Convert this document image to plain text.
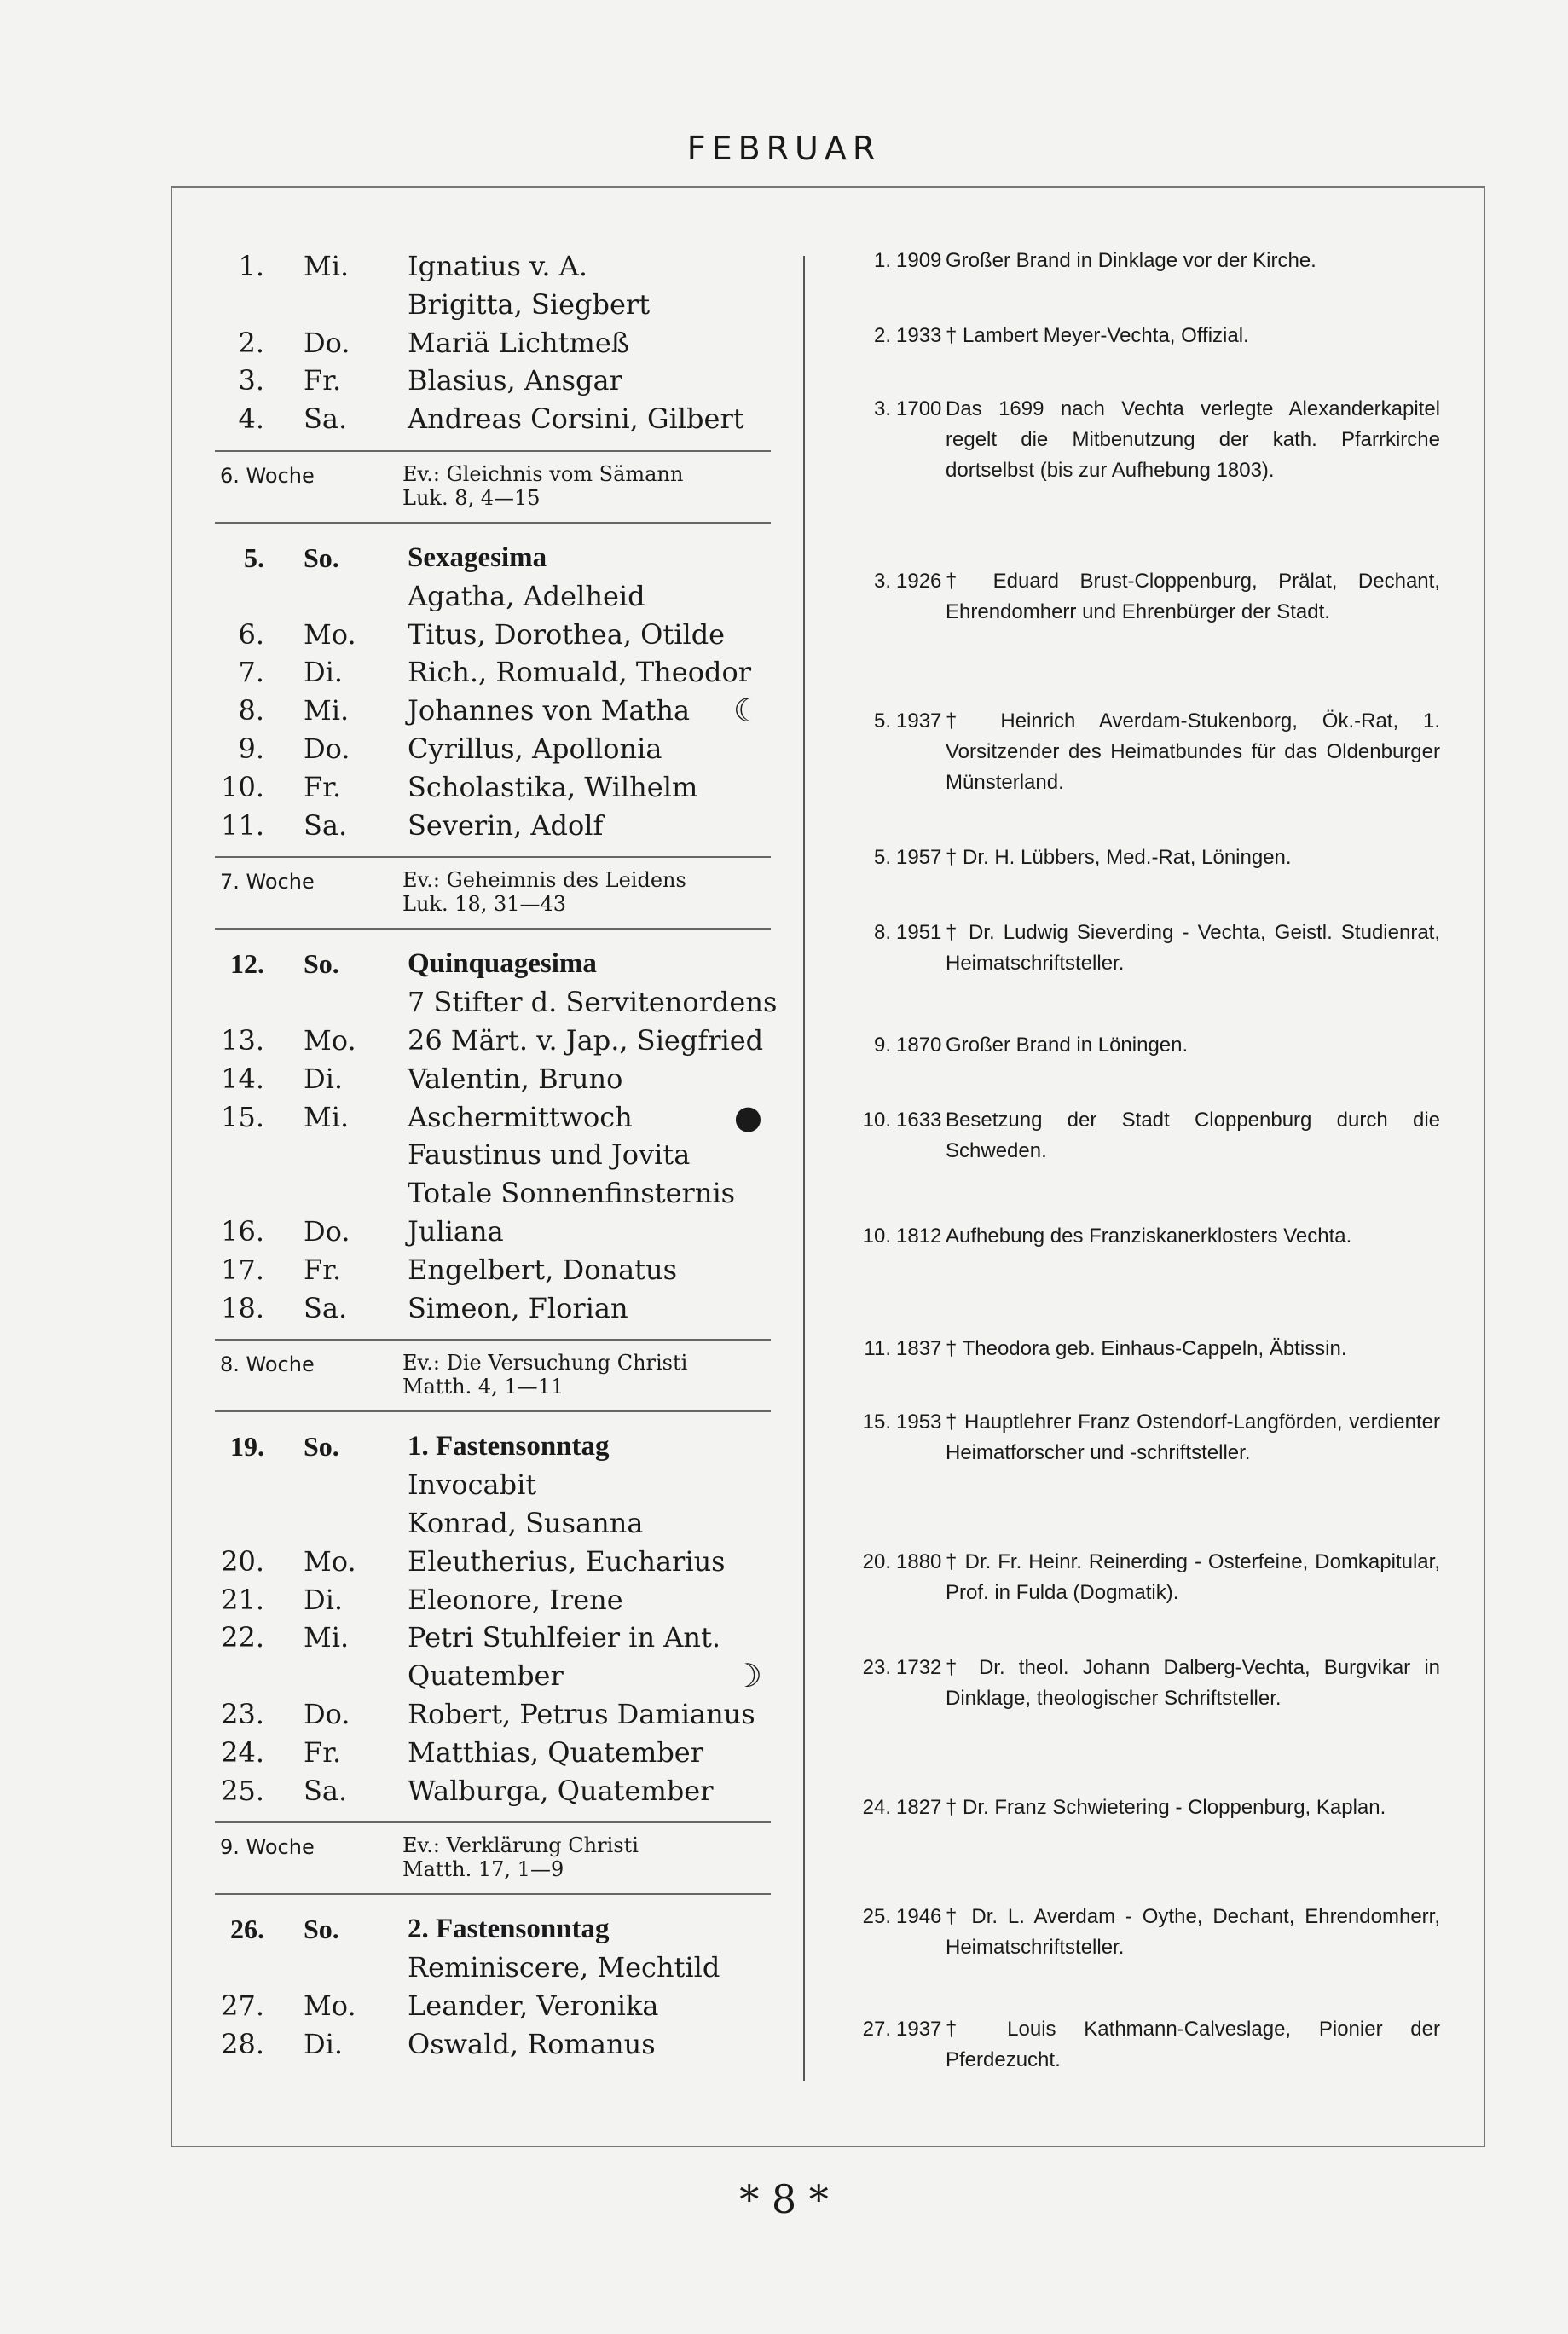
FEBRUAR
1. Mi. Ignatius v. A.
Brigitta, Siegbert
2. Do. Mariä Lichtmeß
3. Fr. Blasius, Ansgar
4. Sa. Andreas Corsini, Gilbert
6. Woche	Ev.: Gleichnis vom Sämann
Luk. 8, 4—15
5. So. Sexagesima
Agatha, Adelheid
6. Mo. Titus, Dorothea, Otilde
7. Di. Rich., Romuald, Theodor
8. Mi. Johannes von Matha ☾
9. Do. Cyrillus, Apollonia
10. Fr. Scholastika, Wilhelm
11. Sa. Severin, Adolf
7. Woche	Ev.: Geheimnis des Leidens
Luk. 18, 31—43
12. So. Quinquagesima
7 Stifter d. Servitenordens
13. Mo. 26 Märt. v. Jap., Siegfried
14. Di. Valentin, Bruno
15. Mi. Aschermittwoch	●
Faustinus und Jovita
Totale Sonnenfinsternis
16. Do. Juliana
17. Fr. Engelbert, Donatus
18. Sa. Simeon, Florian
8. Woche	Ev.: Die Versuchung Christi
Matth. 4, 1—11
19. So. 1. Fastensonntag
Invocabit
Konrad, Susanna
20. Mo. Eleutherius, Eucharius
21. Di. Eleonore, Irene
22. Mi. Petri Stuhlfeier in Ant.
Quatember	☽
23. Do. Robert, Petrus Damianus
24. Fr. Matthias, Quatember
25. Sa. Walburga, Quatember
9. Woche	Ev.: Verklärung Christi
Matth. 17, 1—9
26. So. 2. Fastensonntag
Reminiscere, Mechtild
27. Mo. Leander, Veronika
28. Di. Oswald, Romanus
1. 1909 Großer Brand in Dinklage vor der Kirche.
2. 1933 † Lambert Meyer-Vechta, Offizial.
3. 1700 Das 1699 nach Vechta verlegte Alexanderkapitel regelt die Mitbenutzung der kath. Pfarrkirche dortselbst (bis zur Aufhebung 1803).
3. 1926 † Eduard Brust-Cloppenburg, Prälat, Dechant, Ehrendomherr und Ehrenbürger der Stadt.
5. 1937 † Heinrich Averdam-Stukenborg, Ök.-Rat, 1. Vorsitzender des Heimatbundes für das Oldenburger Münsterland.
5. 1957 † Dr. H. Lübbers, Med.-Rat, Löningen.
8. 1951 † Dr. Ludwig Sieverding - Vechta, Geistl. Studienrat, Heimatschriftsteller.
9. 1870 Großer Brand in Löningen.
10. 1633 Besetzung der Stadt Cloppenburg durch die Schweden.
10. 1812 Aufhebung des Franziskanerklosters Vechta.
11. 1837 † Theodora geb. Einhaus-Cappeln, Äbtissin.
15. 1953 † Hauptlehrer Franz Ostendorf-Langförden, verdienter Heimatforscher und -schriftsteller.
20. 1880 † Dr. Fr. Heinr. Reinerding - Osterfeine, Domkapitular, Prof. in Fulda (Dogmatik).
23. 1732 † Dr. theol. Johann Dalberg-Vechta, Burgvikar in Dinklage, theologischer Schriftsteller.
24. 1827 † Dr. Franz Schwietering - Cloppenburg, Kaplan.
25. 1946 † Dr. L. Averdam - Oythe, Dechant, Ehrendomherr, Heimatschriftsteller.
27. 1937 † Louis Kathmann-Calveslage, Pionier der Pferdezucht.
* 8 *
